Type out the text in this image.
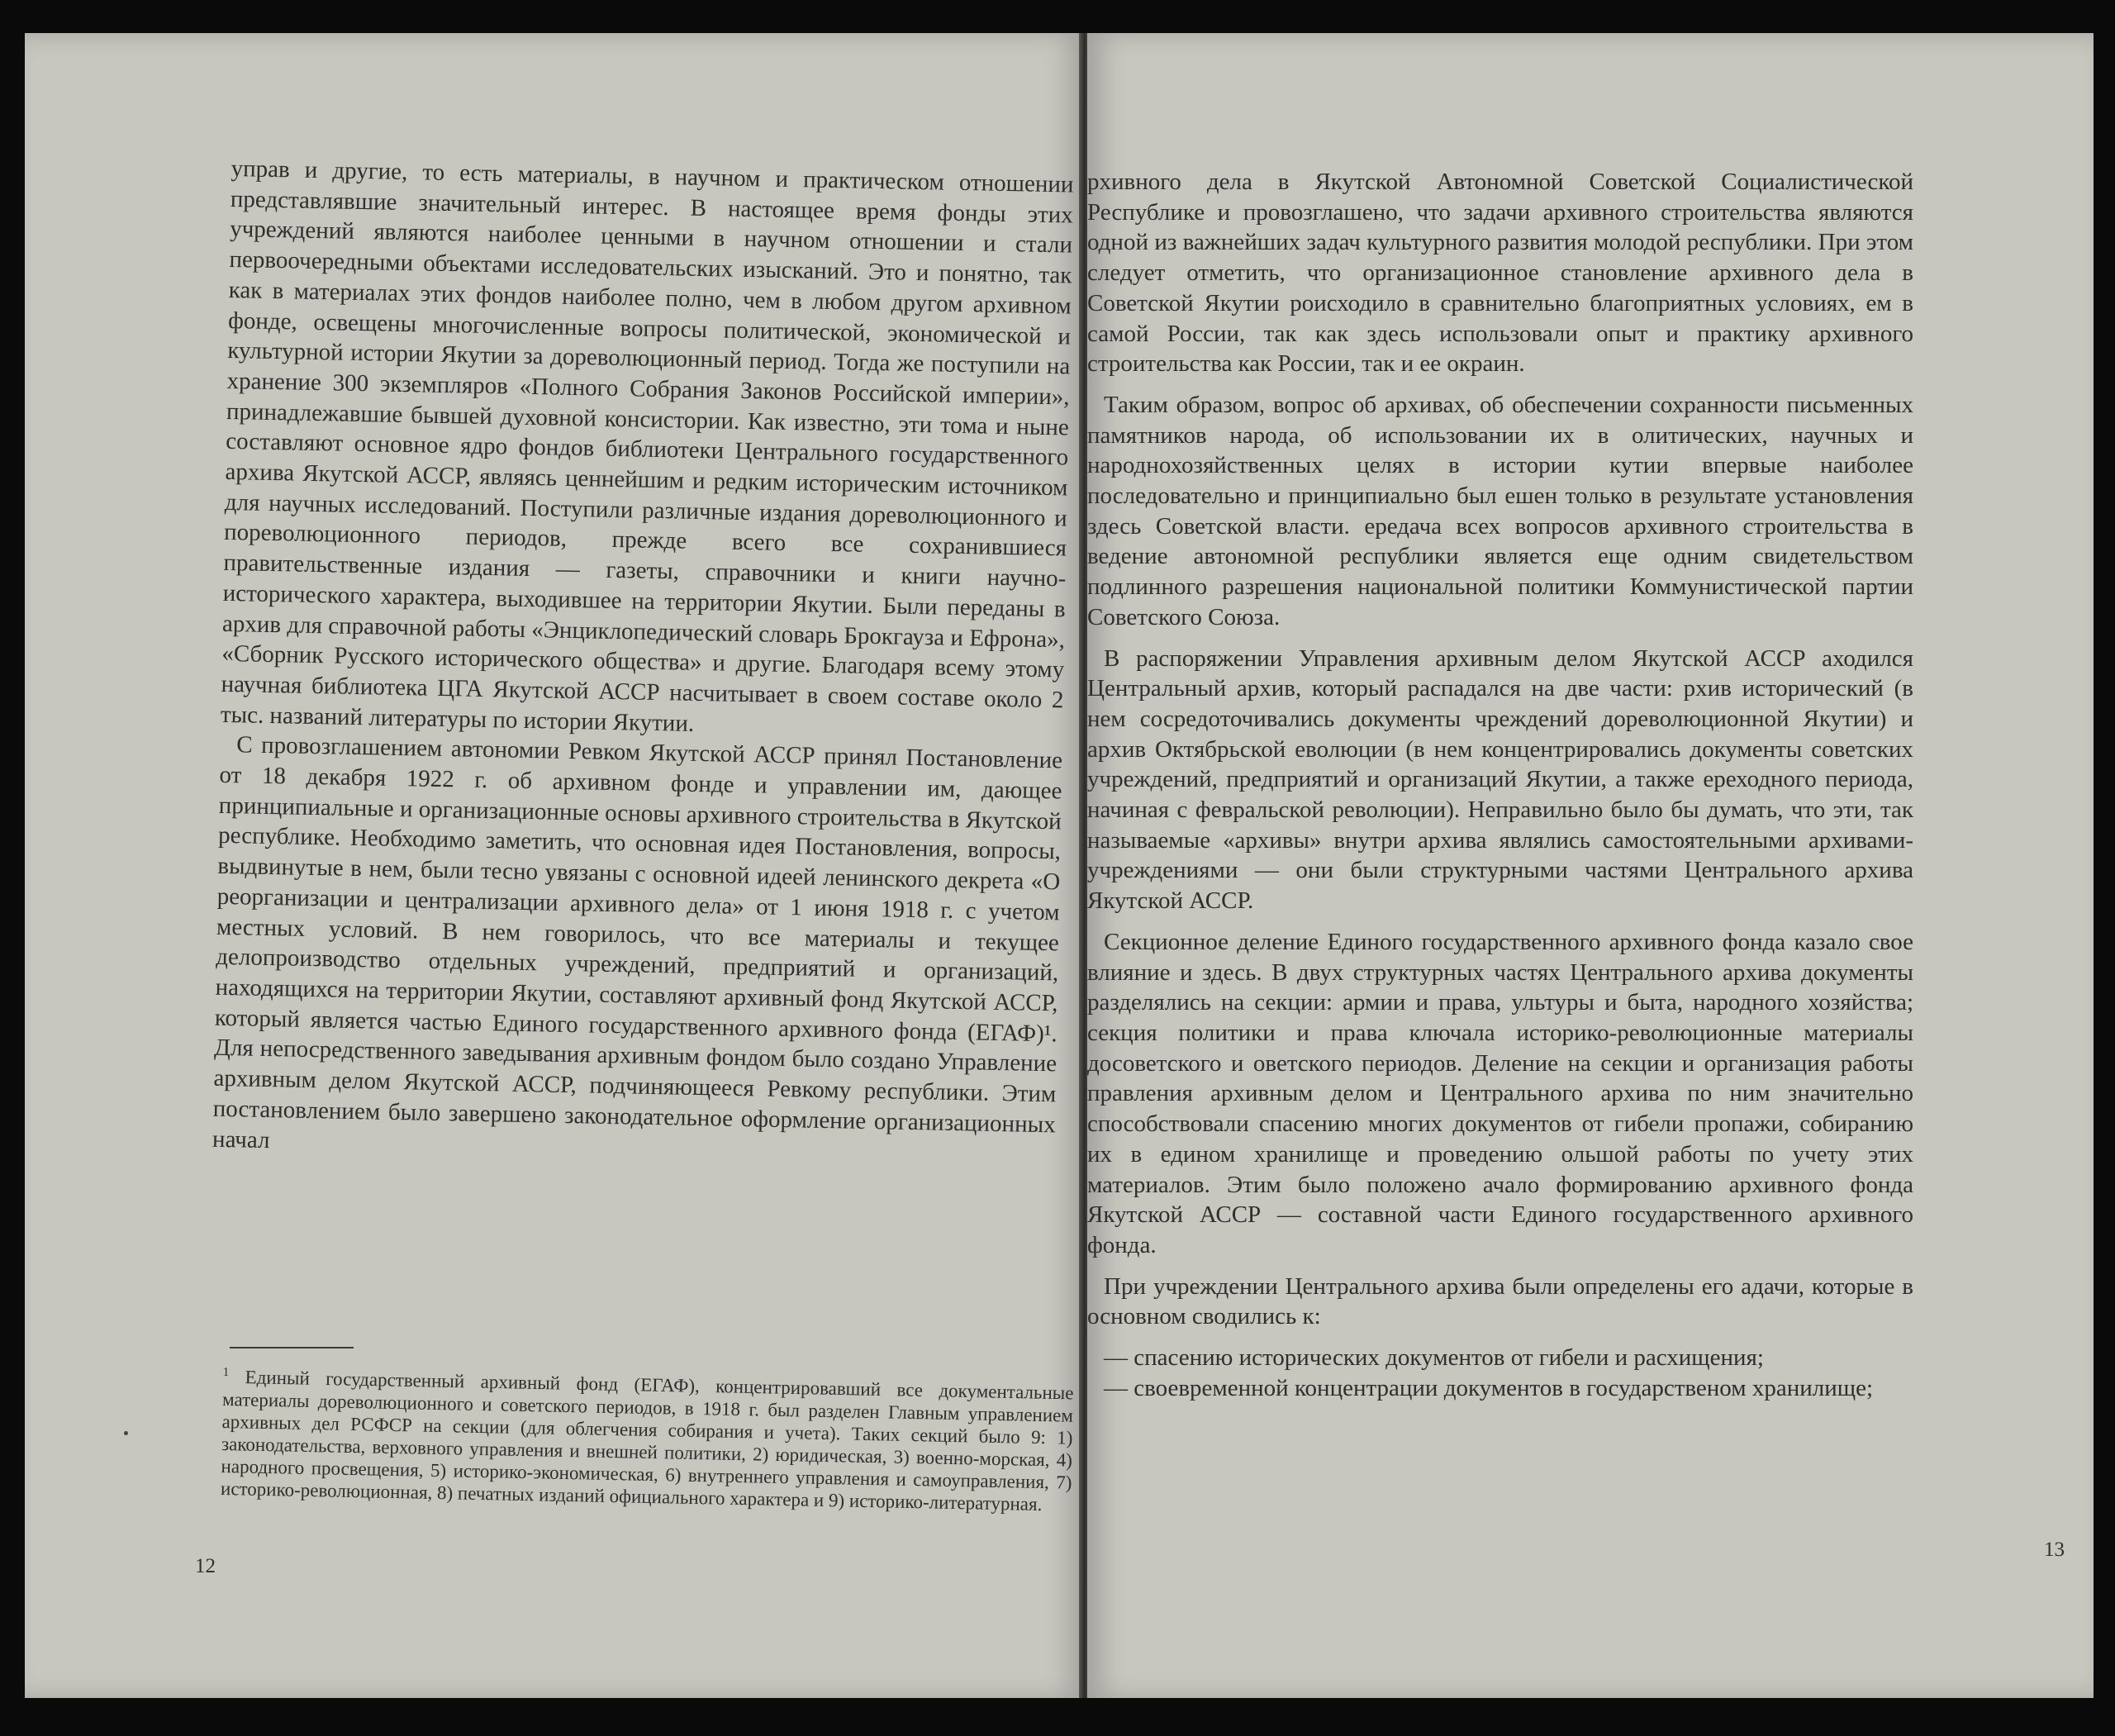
управ и другие, то есть материалы, в научном и практическом отношении представлявшие значительный интерес. В настоящее время фонды этих учреждений являются наиболее ценными в научном отношении и стали первоочередными объектами исследовательских изысканий. Это и понятно, так как в материалах этих фондов наиболее полно, чем в любом другом архивном фонде, освещены многочисленные вопросы политической, экономической и культурной истории Якутии за дореволюционный период. Тогда же поступили на хранение 300 экземпляров «Полного Собрания Законов Российской империи», принадлежавшие бывшей духовной консистории. Как известно, эти тома и ныне составляют основное ядро фондов библиотеки Центрального государственного архива Якутской АССР, являясь ценнейшим и редким историческим источником для научных исследований. Поступили различные издания дореволюционного и пореволюционного периодов, прежде всего все сохранившиеся правительственные издания — газеты, справочники и книги научно-исторического характера, выходившее на территории Якутии. Были переданы в архив для справочной работы «Энциклопедический словарь Брокгауза и Ефрона», «Сборник Русского исторического общества» и другие. Благодаря всему этому научная библиотека ЦГА Якутской АССР насчитывает в своем составе около 2 тыс. названий литературы по истории Якутии.

С провозглашением автономии Ревком Якутской АССР принял Постановление от 18 декабря 1922 г. об архивном фонде и управлении им, дающее принципиальные и организационные основы архивного строительства в Якутской республике. Необходимо заметить, что основная идея Постановления, вопросы, выдвинутые в нем, были тесно увязаны с основной идеей ленинского декрета «О реорганизации и централизации архивного дела» от 1 июня 1918 г. с учетом местных условий. В нем говорилось, что все материалы и текущее делопроизводство отдельных учреждений, предприятий и организаций, находящихся на территории Якутии, составляют архивный фонд Якутской АССР, который является частью Единого государственного архивного фонда (ЕГАФ)¹. Для непосредственного заведывания архивным фондом было создано Управление архивным делом Якутской АССР, подчиняющееся Ревкому республики. Этим постановлением было завершено законодательное оформление организационных начал

$^1$ Единый государственный архивный фонд (ЕГАФ), концентрировавший все документальные материалы дореволюционного и советского периодов, в 1918 г. был разделен Главным управлением архивных дел РСФСР на секции (для облегчения собирания и учета). Таких секций было 9: 1) законодательства, верховного управления и внешней политики, 2) юридическая, 3) военно-морская, 4) народного просвещения, 5) историко-экономическая, 6) внутреннего управления и самоуправления, 7) историко-революционная, 8) печатных изданий официального характера и 9) историко-литературная.

12

рхивного дела в Якутской Автономной Советской Социалистической Республике и провозглашено, что задачи архивного строительства являются одной из важнейших задач культурного развития молодой республики. При этом следует отметить, что организационное становление архивного дела в Советской Якутии роисходило в сравнительно благоприятных условиях, ем в самой России, так как здесь использовали опыт и практику архивного строительства как России, так и ее окраин.

Таким образом, вопрос об архивах, об обеспечении сохранности письменных памятников народа, об использовании их в олитических, научных и народнохозяйственных целях в истории кутии впервые наиболее последовательно и принципиально был ешен только в результате установления здесь Советской власти. ередача всех вопросов архивного строительства в ведение автономной республики является еще одним свидетельством подлинного разрешения национальной политики Коммунистической партии Советского Союза.

В распоряжении Управления архивным делом Якутской АССР аходился Центральный архив, который распадался на две части: рхив исторический (в нем сосредоточивались документы чреждений дореволюционной Якутии) и архив Октябрьской еволюции (в нем концентрировались документы советских учреждений, предприятий и организаций Якутии, а также ереходного периода, начиная с февральской революции). Неправильно было бы думать, что эти, так называемые «архивы» внутри архива являлись самостоятельными архивами-учреждениями — они были структурными частями Центрального архива Якутской АССР.

Секционное деление Единого государственного архивного фонда казало свое влияние и здесь. В двух структурных частях Центрального архива документы разделялись на секции: армии и права, ультуры и быта, народного хозяйства; секция политики и права ключала историко-революционные материалы досоветского и оветского периодов. Деление на секции и организация работы правления архивным делом и Центрального архива по ним значительно способствовали спасению многих документов от гибели пропажи, собиранию их в едином хранилище и проведению ольшой работы по учету этих материалов. Этим было положено ачало формированию архивного фонда Якутской АССР — составной части Единого государственного архивного фонда.

При учреждении Центрального архива были определены его адачи, которые в основном сводились к:

— спасению исторических документов от гибели и расхищения;

— своевременной концентрации документов в государственом хранилище;

13
